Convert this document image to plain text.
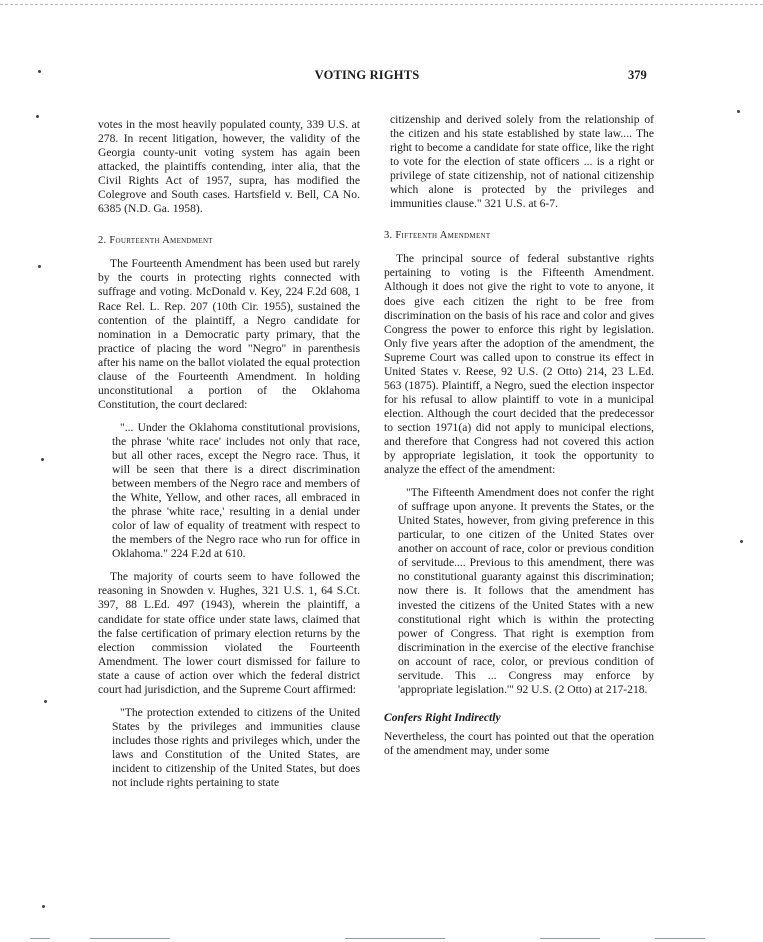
VOTING RIGHTS	379

votes in the most heavily populated county, 339 U.S. at 278. In recent litigation, however, the validity of the Georgia county-unit voting system has again been attacked, the plaintiffs contending, inter alia, that the Civil Rights Act of 1957, supra, has modified the Colegrove and South cases. Hartsfield v. Bell, CA No. 6385 (N.D. Ga. 1958).

2. Fourteenth Amendment

The Fourteenth Amendment has been used but rarely by the courts in protecting rights connected with suffrage and voting. McDonald v. Key, 224 F.2d 608, 1 Race Rel. L. Rep. 207 (10th Cir. 1955), sustained the contention of the plaintiff, a Negro candidate for nomination in a Democratic party primary, that the practice of placing the word "Negro" in parenthesis after his name on the ballot violated the equal protection clause of the Fourteenth Amendment. In holding unconstitutional a portion of the Oklahoma Constitution, the court declared:

"... Under the Oklahoma constitutional provisions, the phrase 'white race' includes not only that race, but all other races, except the Negro race. Thus, it will be seen that there is a direct discrimination between members of the Negro race and members of the White, Yellow, and other races, all embraced in the phrase 'white race,' resulting in a denial under color of law of equality of treatment with respect to the members of the Negro race who run for office in Oklahoma." 224 F.2d at 610.

The majority of courts seem to have followed the reasoning in Snowden v. Hughes, 321 U.S. 1, 64 S.Ct. 397, 88 L.Ed. 497 (1943), wherein the plaintiff, a candidate for state office under state laws, claimed that the false certification of primary election returns by the election commission violated the Fourteenth Amendment. The lower court dismissed for failure to state a cause of action over which the federal district court had jurisdiction, and the Supreme Court affirmed:

"The protection extended to citizens of the United States by the privileges and immunities clause includes those rights and privileges which, under the laws and Constitution of the United States, are incident to citizenship of the United States, but does not include rights pertaining to state

citizenship and derived solely from the relationship of the citizen and his state established by state law.... The right to become a candidate for state office, like the right to vote for the election of state officers ... is a right or privilege of state citizenship, not of national citizenship which alone is protected by the privileges and immunities clause." 321 U.S. at 6-7.

3. Fifteenth Amendment

The principal source of federal substantive rights pertaining to voting is the Fifteenth Amendment. Although it does not give the right to vote to anyone, it does give each citizen the right to be free from discrimination on the basis of his race and color and gives Congress the power to enforce this right by legislation. Only five years after the adoption of the amendment, the Supreme Court was called upon to construe its effect in United States v. Reese, 92 U.S. (2 Otto) 214, 23 L.Ed. 563 (1875). Plaintiff, a Negro, sued the election inspector for his refusal to allow plaintiff to vote in a municipal election. Although the court decided that the predecessor to section 1971(a) did not apply to municipal elections, and therefore that Congress had not covered this action by appropriate legislation, it took the opportunity to analyze the effect of the amendment:

"The Fifteenth Amendment does not confer the right of suffrage upon anyone. It prevents the States, or the United States, however, from giving preference in this particular, to one citizen of the United States over another on account of race, color or previous condition of servitude.... Previous to this amendment, there was no constitutional guaranty against this discrimination; now there is. It follows that the amendment has invested the citizens of the United States with a new constitutional right which is within the protecting power of Congress. That right is exemption from discrimination in the exercise of the elective franchise on account of race, color, or previous condition of servitude. This ... Congress may enforce by 'appropriate legislation.'" 92 U.S. (2 Otto) at 217-218.

Confers Right Indirectly

Nevertheless, the court has pointed out that the operation of the amendment may, under some
